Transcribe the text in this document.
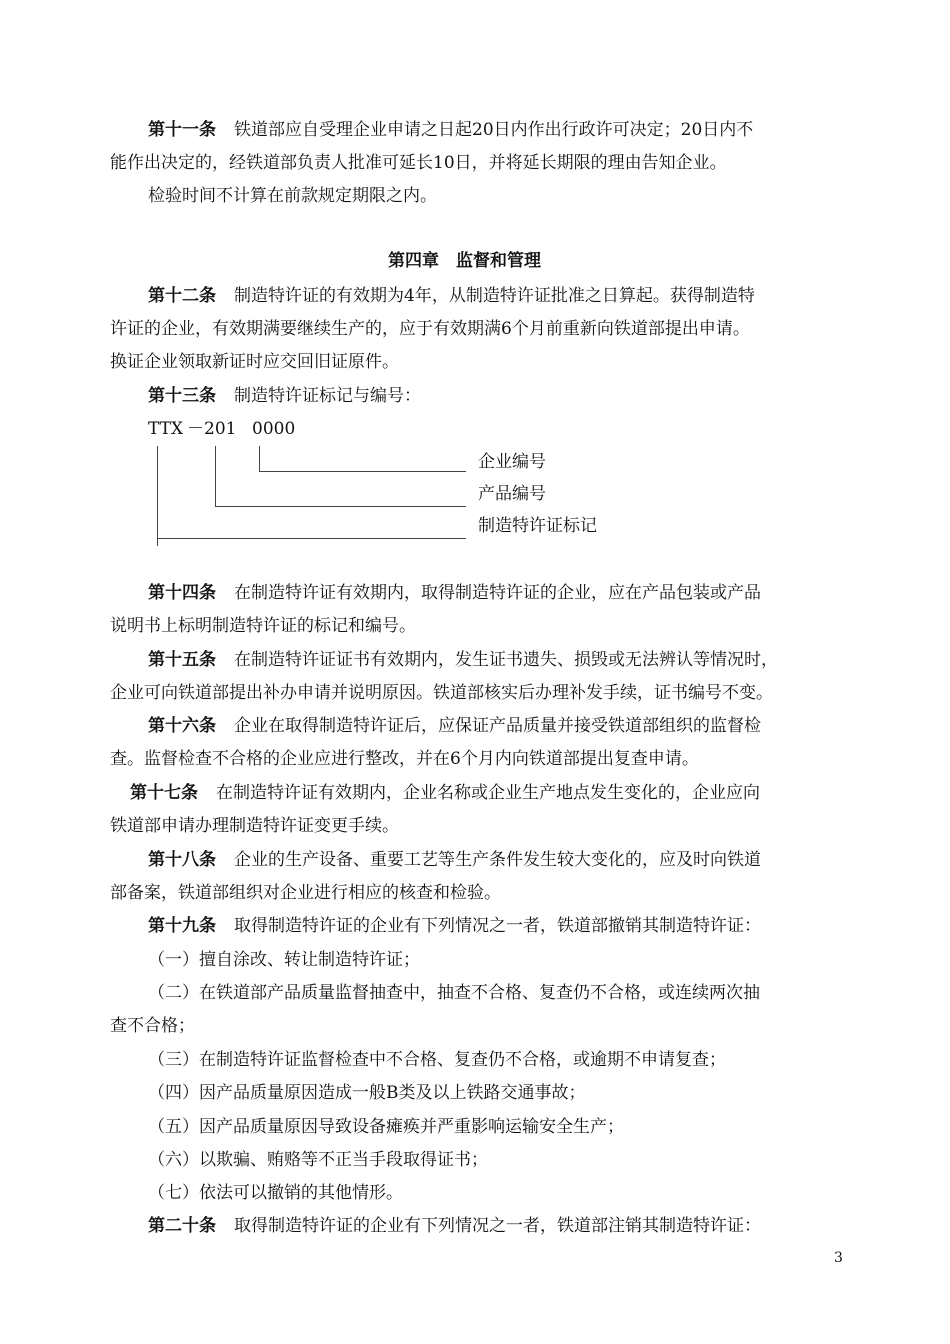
第十一条 铁道部应自受理企业申请之日起20日内作出行政许可决定；20日内不
能作出决定的，经铁道部负责人批准可延长10日，并将延长期限的理由告知企业。
检验时间不计算在前款规定期限之内。
第四章　监督和管理
第十二条 制造特许证的有效期为4年，从制造特许证批准之日算起。获得制造特
许证的企业，有效期满要继续生产的，应于有效期满6个月前重新向铁道部提出申请。
换证企业领取新证时应交回旧证原件。
第十三条 制造特许证标记与编号：
TTX － 201 0000
企业编号
产品编号
制造特许证标记
第十四条 在制造特许证有效期内，取得制造特许证的企业，应在产品包装或产品
说明书上标明制造特许证的标记和编号。
第十五条 在制造特许证证书有效期内，发生证书遗失、损毁或无法辨认等情况时，
企业可向铁道部提出补办申请并说明原因。铁道部核实后办理补发手续，证书编号不变。
第十六条 企业在取得制造特许证后，应保证产品质量并接受铁道部组织的监督检
查。监督检查不合格的企业应进行整改，并在6个月内向铁道部提出复查申请。
第十七条 在制造特许证有效期内，企业名称或企业生产地点发生变化的，企业应向
铁道部申请办理制造特许证变更手续。
第十八条 企业的生产设备、重要工艺等生产条件发生较大变化的，应及时向铁道
部备案，铁道部组织对企业进行相应的核查和检验。
第十九条 取得制造特许证的企业有下列情况之一者，铁道部撤销其制造特许证：
（一）擅自涂改、转让制造特许证；
（二）在铁道部产品质量监督抽查中，抽查不合格、复查仍不合格，或连续两次抽
查不合格；
（三）在制造特许证监督检查中不合格、复查仍不合格，或逾期不申请复查；
（四）因产品质量原因造成一般B类及以上铁路交通事故；
（五）因产品质量原因导致设备瘫痪并严重影响运输安全生产；
（六）以欺骗、贿赂等不正当手段取得证书；
（七）依法可以撤销的其他情形。
第二十条 取得制造特许证的企业有下列情况之一者，铁道部注销其制造特许证：
3
